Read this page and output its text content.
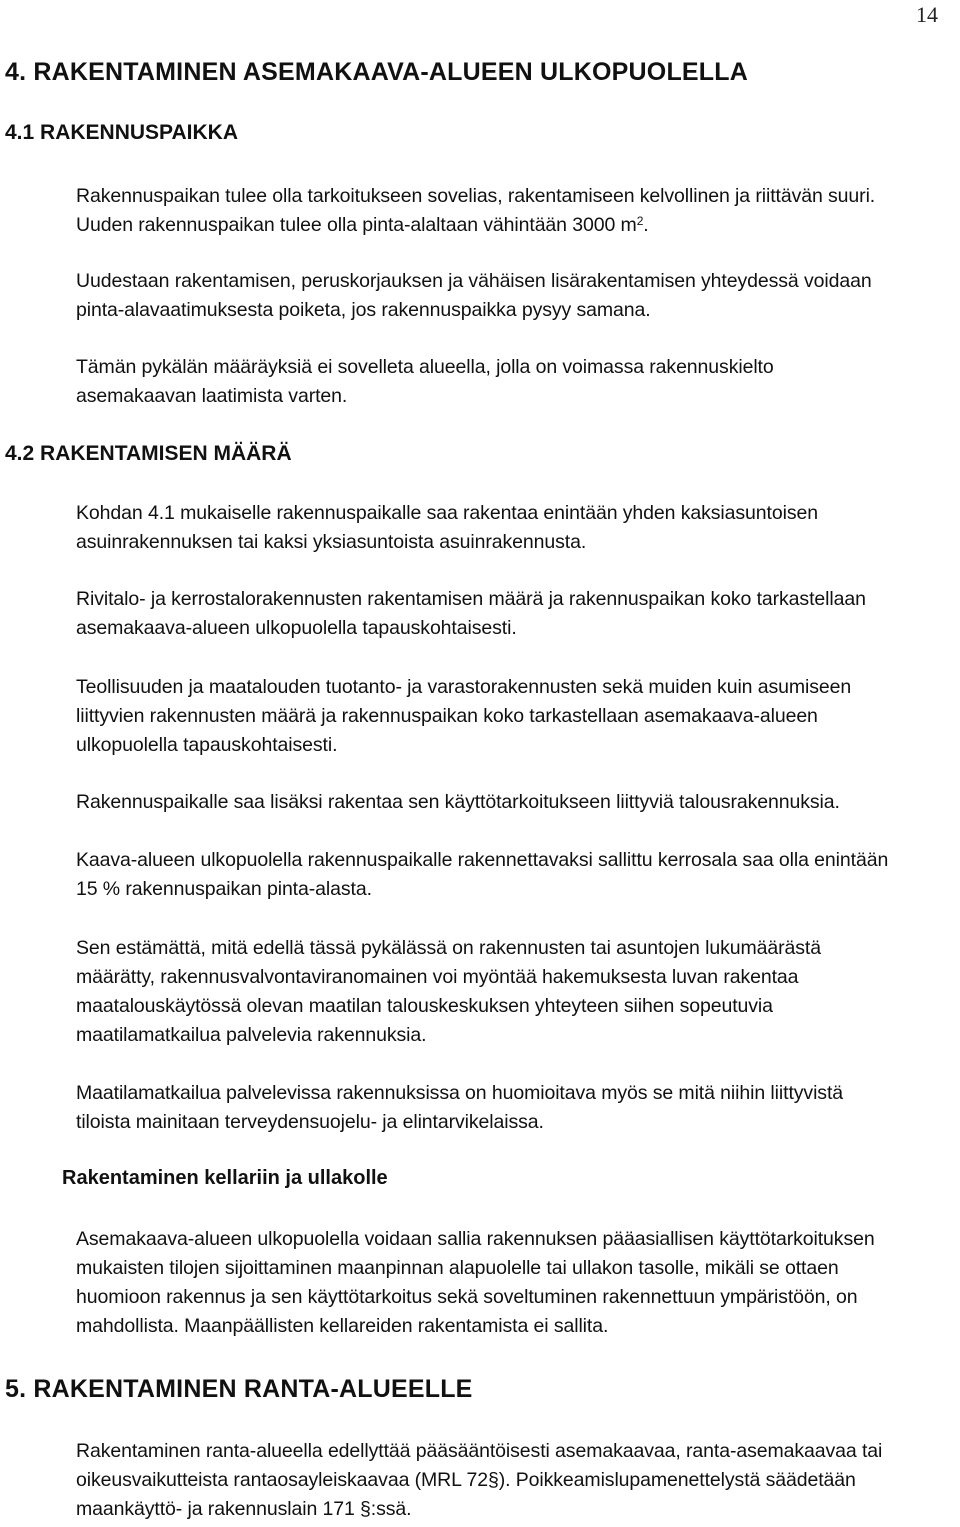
14
4. RAKENTAMINEN ASEMAKAAVA-ALUEEN ULKOPUOLELLA
4.1 RAKENNUSPAIKKA

Rakennuspaikan tulee olla tarkoitukseen sovelias, rakentamiseen kelvollinen ja riittävän suuri.
Uuden rakennuspaikan tulee olla pinta-alaltaan vähintään 3000 $m^2$.

Uudestaan rakentamisen, peruskorjauksen ja vähäisen lisärakentamisen yhteydessä voidaan
pinta-alavaatimuksesta poiketa, jos rakennuspaikka pysyy samana.

Tämän pykälän määräyksiä ei sovelleta alueella, jolla on voimassa rakennuskielto
asemakaavan laatimista varten.

4.2 RAKENTAMISEN MÄÄRÄ

Kohdan 4.1 mukaiselle rakennuspaikalle saa rakentaa enintään yhden kaksiasuntoisen
asuinrakennuksen tai kaksi yksiasuntoista asuinrakennusta.

Rivitalo- ja kerrostalorakennusten rakentamisen määrä ja rakennuspaikan koko tarkastellaan
asemakaava-alueen ulkopuolella tapauskohtaisesti.

Teollisuuden ja maatalouden tuotanto- ja varastorakennusten sekä muiden kuin asumiseen
liittyvien rakennusten määrä ja rakennuspaikan koko tarkastellaan asemakaava-alueen
ulkopuolella tapauskohtaisesti.

Rakennuspaikalle saa lisäksi rakentaa sen käyttötarkoitukseen liittyviä talousrakennuksia.

Kaava-alueen ulkopuolella rakennuspaikalle rakennettavaksi sallittu kerrosala saa olla enintään
15 % rakennuspaikan pinta-alasta.

Sen estämättä, mitä edellä tässä pykälässä on rakennusten tai asuntojen lukumäärästä
määrätty, rakennusvalvontaviranomainen voi myöntää hakemuksesta luvan rakentaa
maatalouskäytössä olevan maatilan talouskeskuksen yhteyteen siihen sopeutuvia
maatilamatkailua palvelevia rakennuksia.

Maatilamatkailua palvelevissa rakennuksissa on huomioitava myös se mitä niihin liittyvistä
tiloista mainitaan terveydensuojelu- ja elintarvikelaissa.

Rakentaminen kellariin ja ullakolle

Asemakaava-alueen ulkopuolella voidaan sallia rakennuksen pääasiallisen käyttötarkoituksen
mukaisten tilojen sijoittaminen maanpinnan alapuolelle tai ullakon tasolle, mikäli se ottaen
huomioon rakennus ja sen käyttötarkoitus sekä soveltuminen rakennettuun ympäristöön, on
mahdollista. Maanpäällisten kellareiden rakentamista ei sallita.

5. RAKENTAMINEN RANTA-ALUEELLE

Rakentaminen ranta-alueella edellyttää pääsääntöisesti asemakaavaa, ranta-asemakaavaa tai
oikeusvaikutteista rantaosayleiskaavaa (MRL 72§). Poikkeamislupamenettelystä säädetään
maankäyttö- ja rakennuslain 171 §:ssä.
